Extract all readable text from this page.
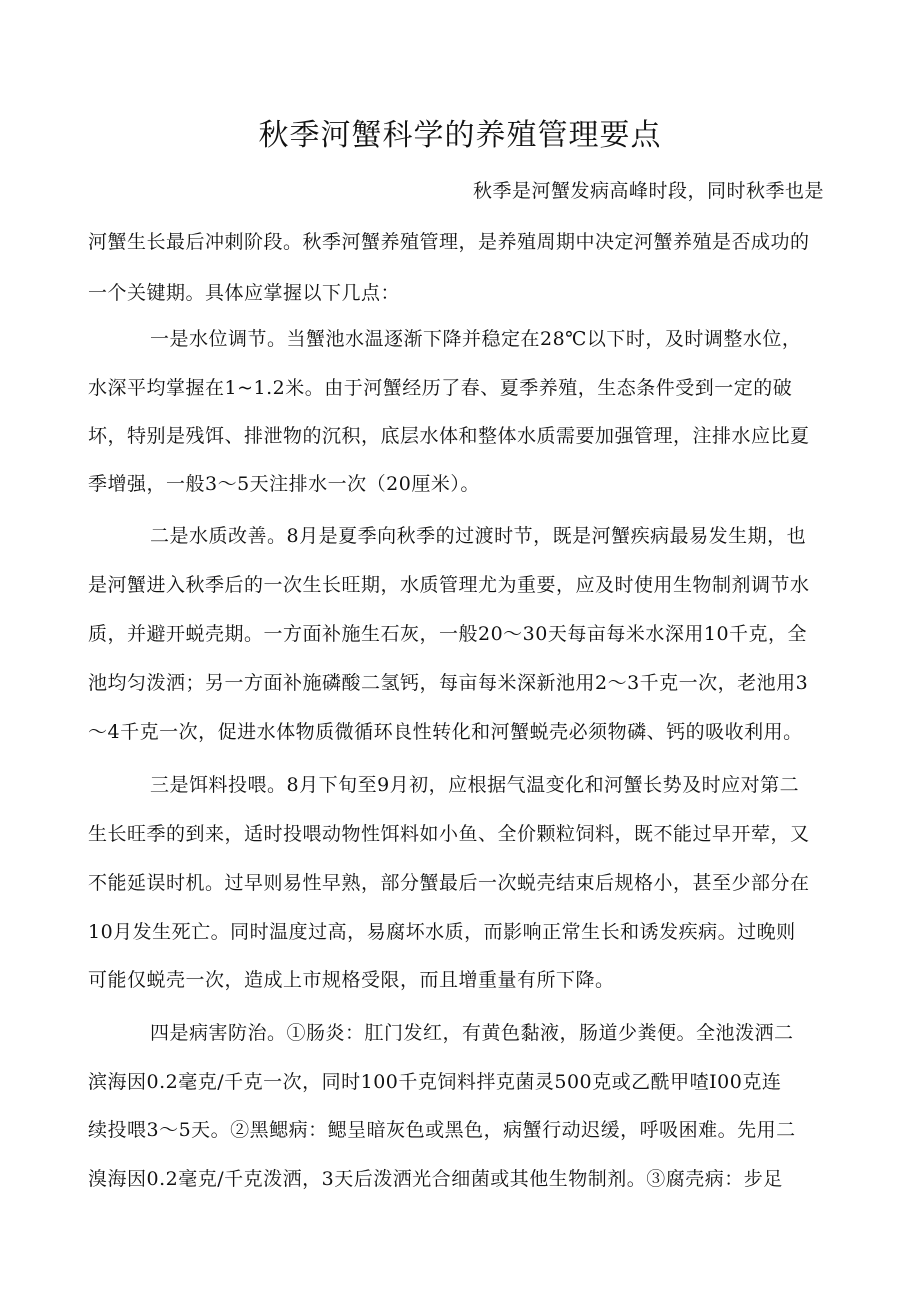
秋季河蟹科学的养殖管理要点
秋季是河蟹发病高峰时段，同时秋季也是
河蟹生长最后冲刺阶段。秋季河蟹养殖管理，是养殖周期中决定河蟹养殖是否成功的
一个关键期。具体应掌握以下几点：
一是水位调节。当蟹池水温逐渐下降并稳定在28℃以下时，及时调整水位，
水深平均掌握在1~1.2米。由于河蟹经历了春、夏季养殖，生态条件受到一定的破
坏，特别是残饵、排泄物的沉积，底层水体和整体水质需要加强管理，注排水应比夏
季增强，一般3～5天注排水一次（20厘米）。
二是水质改善。8月是夏季向秋季的过渡时节，既是河蟹疾病最易发生期，也
是河蟹进入秋季后的一次生长旺期，水质管理尤为重要，应及时使用生物制剂调节水
质，并避开蜕壳期。一方面补施生石灰，一般20～30天每亩每米水深用10千克，全
池均匀泼洒；另一方面补施磷酸二氢钙，每亩每米深新池用2～3千克一次，老池用3
～4千克一次，促进水体物质微循环良性转化和河蟹蜕壳必须物磷、钙的吸收利用。
三是饵料投喂。8月下旬至9月初，应根据气温变化和河蟹长势及时应对第二
生长旺季的到来，适时投喂动物性饵料如小鱼、全价颗粒饲料，既不能过早开荤，又
不能延误时机。过早则易性早熟，部分蟹最后一次蜕壳结束后规格小，甚至少部分在
10月发生死亡。同时温度过高，易腐坏水质，而影响正常生长和诱发疾病。过晚则
可能仅蜕壳一次，造成上市规格受限，而且增重量有所下降。
四是病害防治。①肠炎：肛门发红，有黄色黏液，肠道少粪便。全池泼洒二
滨海因0.2毫克/千克一次，同时100千克饲料拌克菌灵500克或乙酰甲喳I00克连
续投喂3～5天。②黑鳃病：鳃呈暗灰色或黑色，病蟹行动迟缓，呼吸困难。先用二
溴海因0.2毫克/千克泼洒，3天后泼洒光合细菌或其他生物制剂。③腐壳病：步足
